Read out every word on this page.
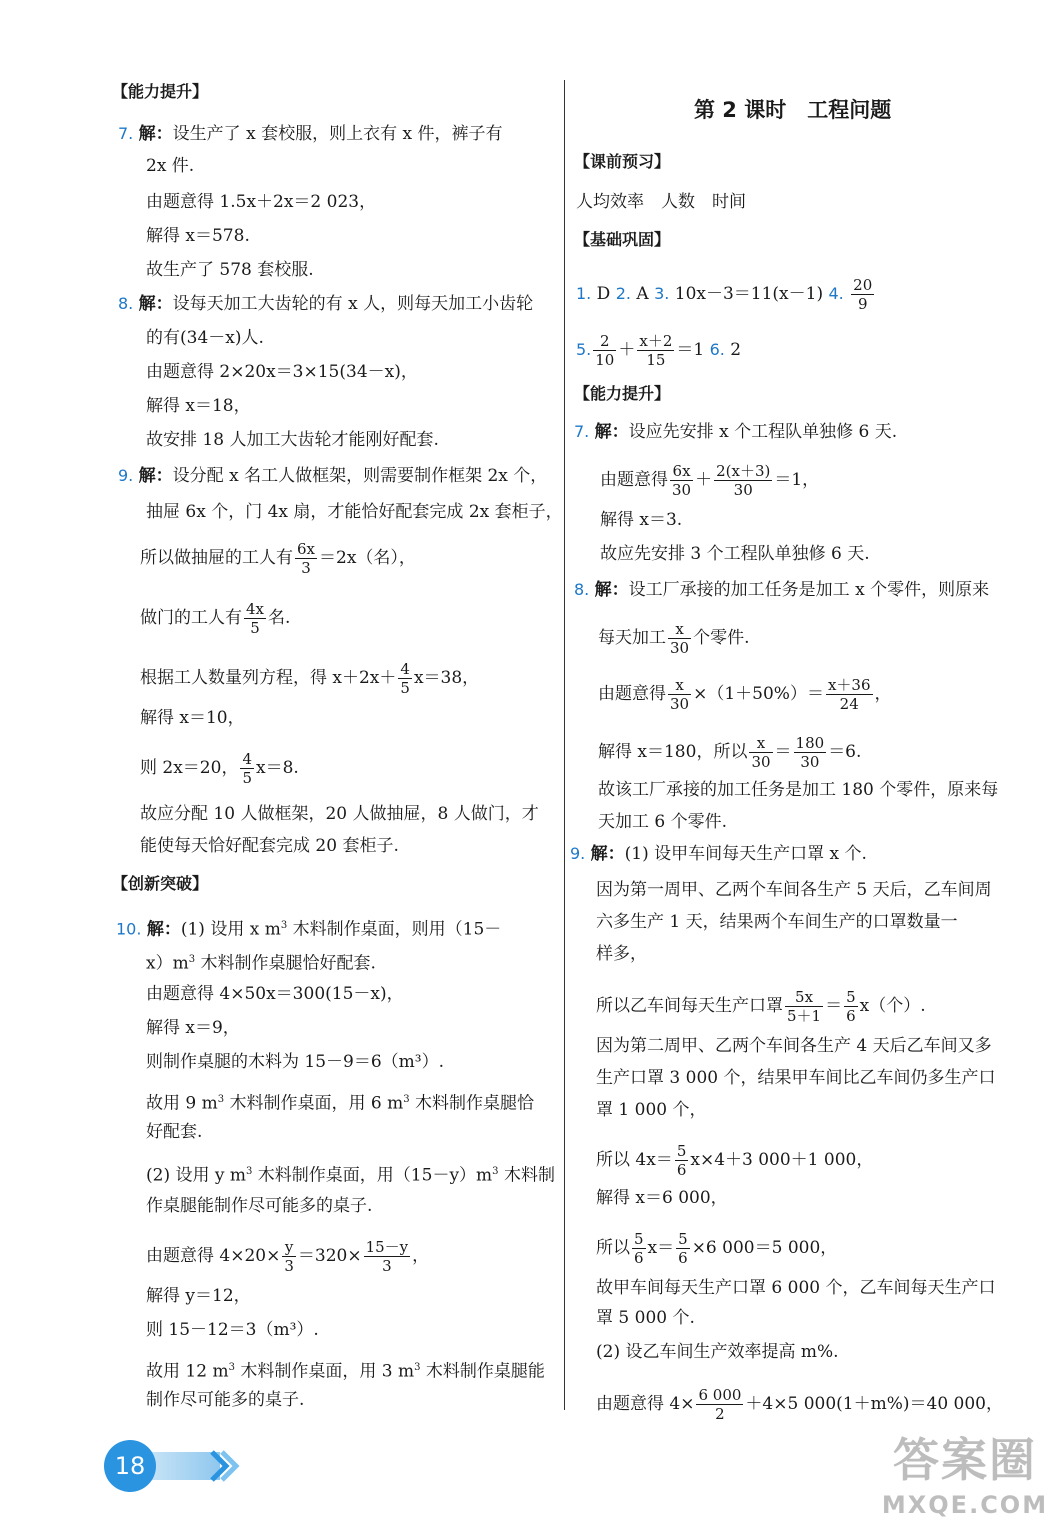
【能力提升】
7. 解：设生产了 x 套校服，则上衣有 x 件，裤子有
2x 件.
由题意得 1.5x＋2x＝2 023，
解得 x＝578.
故生产了 578 套校服.
8. 解：设每天加工大齿轮的有 x 人，则每天加工小齿轮
的有(34－x)人.
由题意得 2×20x＝3×15(34－x)，
解得 x＝18，
故安排 18 人加工大齿轮才能刚好配套.
9. 解：设分配 x 名工人做框架，则需要制作框架 2x 个，
抽屉 6x 个，门 4x 扇，才能恰好配套完成 2x 套柜子，
所以做抽屉的工人有 $\frac{6x}{3} =2x$（名），
做门的工人有 $\frac{4x}{5}$ 名.
根据工人数量列方程，得 $x+2x+ \frac{4}{5} x=38$，
解得 x＝10，
则 2x＝20， $\frac{4}{5} x=8$.
故应分配 10 人做框架，20 人做抽屉，8 人做门，才
能使每天恰好配套完成 20 套柜子.
【创新突破】
10. 解：(1) 设用 x $m^3$ 木料制作桌面，则用（15－
$x)m^3$ 木料制作桌腿恰好配套.
由题意得 4×50x＝300(15－x)，
解得 x＝9，
则制作桌腿的木料为 15－9＝6（m³）.
故用 9 $m^3$ 木料制作桌面，用 6 $m^3$ 木料制作桌腿恰
好配套.
(2) 设用 y $m^3$ 木料制作桌面，用$(15-y)m^3$ 木料制
作桌腿能制作尽可能多的桌子.
由题意得 $4\times 20\times \frac{y}{3} =320\times \frac{15-y}{3}$ ，
解得 y＝12，
则 15－12＝3（m³）.
故用 12 $m^3$ 木料制作桌面，用 3 $m^3$ 木料制作桌腿能
制作尽可能多的桌子.
第 2 课时　工程问题
【课前预习】
人均效率　人数　时间
【基础巩固】
1. D 2. A 3. 10x－3＝11(x－1) 4. $\frac{20}{9}$
5. $\frac{2}{10} + \frac{x+2}{15} =1$ 6. 2
【能力提升】
7. 解：设应先安排 x 个工程队单独修 6 天.
由题意得 $\frac{6x}{30} + \frac{2(x+3)}{30} =1$，
解得 x＝3.
故应先安排 3 个工程队单独修 6 天.
8. 解：设工厂承接的加工任务是加工 x 个零件，则原来
每天加工 $\frac{x}{30}$ 个零件.
由题意得 $\frac{x}{30} \times(1+50\%)= \frac{x+36}{24}$ ，
解得 x＝180，所以 $\frac{x}{30} = \frac{180}{30} =6$.
故该工厂承接的加工任务是加工 180 个零件，原来每
天加工 6 个零件.
9. 解：(1) 设甲车间每天生产口罩 x 个.
因为第一周甲、乙两个车间各生产 5 天后，乙车间周
六多生产 1 天，结果两个车间生产的口罩数量一
样多，
所以乙车间每天生产口罩 $\frac{5x}{5+1} = \frac{5}{6} x$（个）.
因为第二周甲、乙两个车间各生产 4 天后乙车间又多
生产口罩 3 000 个，结果甲车间比乙车间仍多生产口
罩 1 000 个，
所以 $4x= \frac{5}{6} x\times 4+3$ 000＋1 000，
解得 x＝6 000，
所以 $\frac{5}{6} x= \frac{5}{6} \times 6$ 000＝5 000，
故甲车间每天生产口罩 6 000 个，乙车间每天生产口
罩 5 000 个.
(2) 设乙车间生产效率提高 m%.
由题意得 $4\times \frac{6 000}{2} +4\times 5$ 000(1＋m%)＝40 000，
18	答案圈
MXQE.COM
